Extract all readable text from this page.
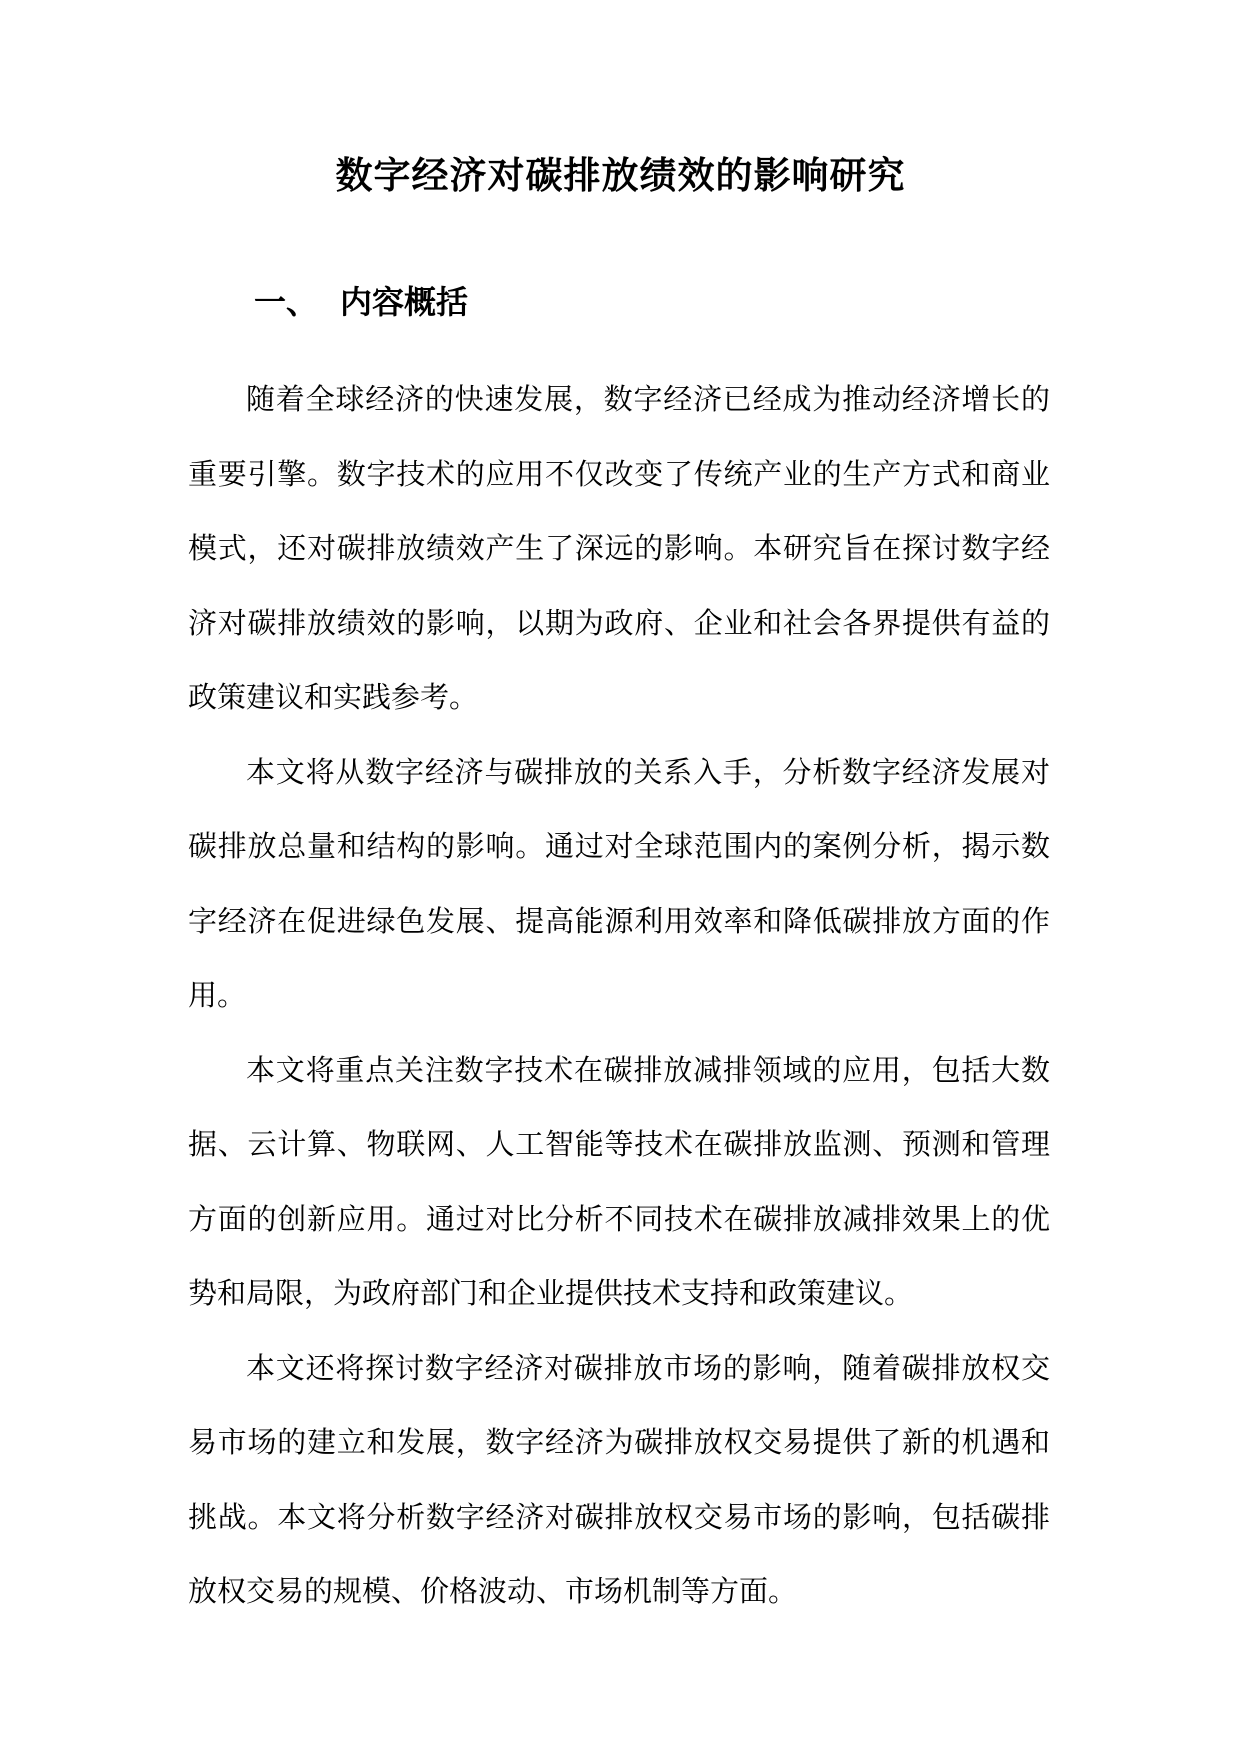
数字经济对碳排放绩效的影响研究
一、 内容概括

随着全球经济的快速发展，数字经济已经成为推动经济增长的重要引擎。数字技术的应用不仅改变了传统产业的生产方式和商业模式，还对碳排放绩效产生了深远的影响。本研究旨在探讨数字经济对碳排放绩效的影响，以期为政府、企业和社会各界提供有益的政策建议和实践参考。

本文将从数字经济与碳排放的关系入手，分析数字经济发展对碳排放总量和结构的影响。通过对全球范围内的案例分析，揭示数字经济在促进绿色发展、提高能源利用效率和降低碳排放方面的作用。

本文将重点关注数字技术在碳排放减排领域的应用，包括大数据、云计算、物联网、人工智能等技术在碳排放监测、预测和管理方面的创新应用。通过对比分析不同技术在碳排放减排效果上的优势和局限，为政府部门和企业提供技术支持和政策建议。

本文还将探讨数字经济对碳排放市场的影响，随着碳排放权交易市场的建立和发展，数字经济为碳排放权交易提供了新的机遇和挑战。本文将分析数字经济对碳排放权交易市场的影响，包括碳排放权交易的规模、价格波动、市场机制等方面。
